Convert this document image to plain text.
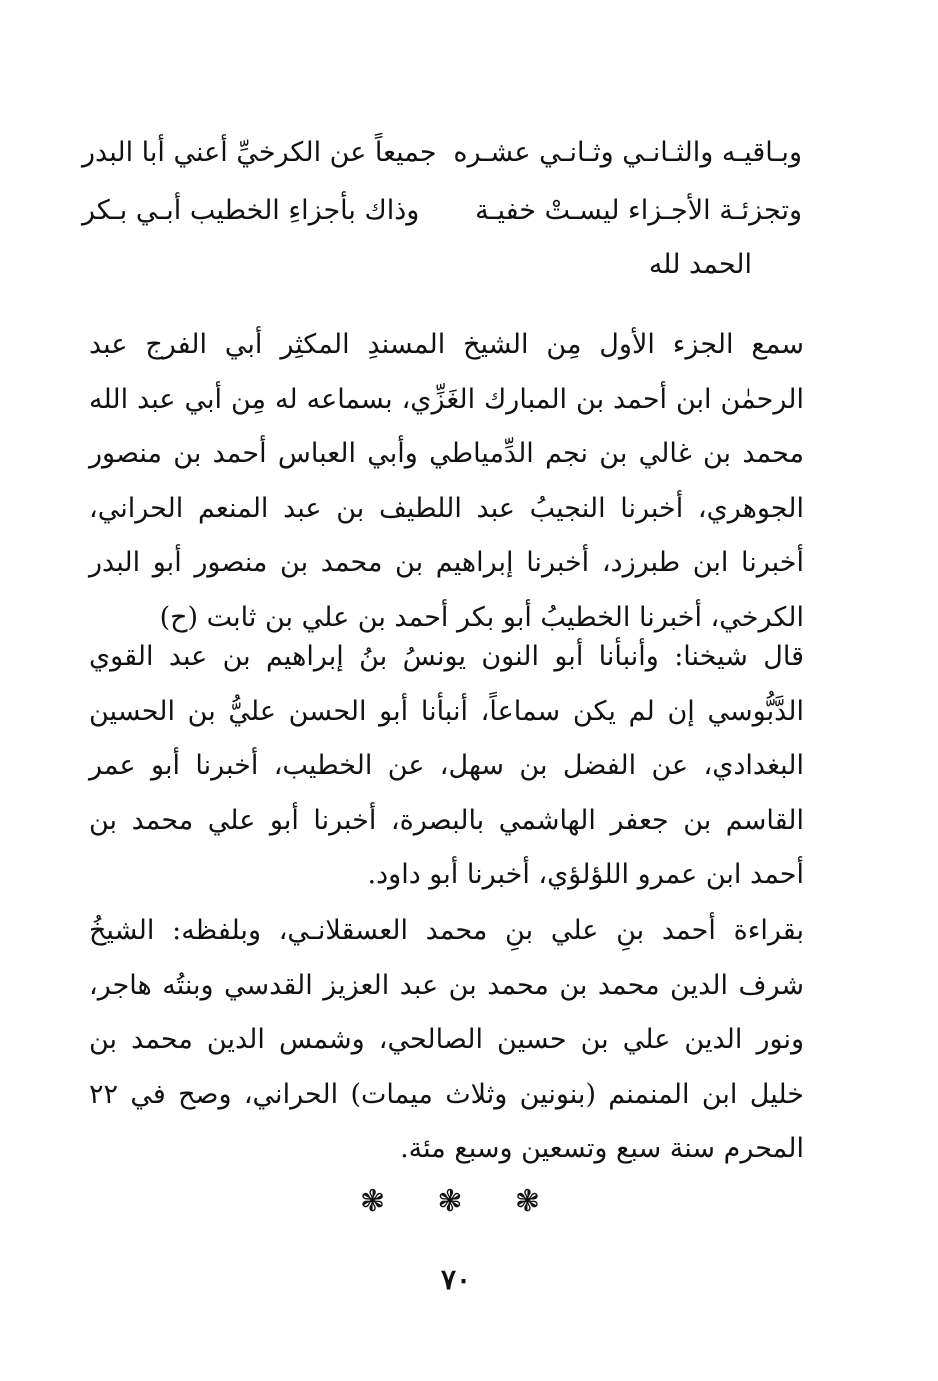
وبـاقيـه والثـانـي وثـانـي عشـره
جميعاً عن الكرخيِّ أعني أبا البدر
وتجزئـة الأجـزاء ليسـتْ خفيـة
وذاك بأجزاءِ الخطيب أبـي بـكر
الحمد لله

سمع الجزء الأول مِن الشيخ المسندِ المكثِر أبي الفرج عبد الرحمٰن ابن أحمد بن المبارك الغَزِّي، بسماعه له مِن أبي عبد الله محمد بن غالي بن نجم الدِّمياطي وأبي العباس أحمد بن منصور الجوهري، أخبرنا النجيبُ عبد اللطيف بن عبد المنعم الحراني، أخبرنا ابن طبرزد، أخبرنا إبراهيم بن محمد بن منصور أبو البدر الكرخي، أخبرنا الخطيبُ أبو بكر أحمد بن علي بن ثابت (ح)

قال شيخنا: وأنبأنا أبو النون يونسُ بنُ إبراهيم بن عبد القوي الدَّبُّوسي إن لم يكن سماعاً، أنبأنا أبو الحسن عليُّ بن الحسين البغدادي، عن الفضل بن سهل، عن الخطيب، أخبرنا أبو عمر القاسم بن جعفر الهاشمي بالبصرة، أخبرنا أبو علي محمد بن أحمد ابن عمرو اللؤلؤي، أخبرنا أبو داود.

بقراءة أحمد بنِ علي بنِ محمد العسقلانـي، وبلفظه: الشيخُ شرف الدين محمد بن محمد بن عبد العزيز القدسي وبنتُه هاجر، ونور الدين علي بن حسين الصالحي، وشمس الدين محمد بن خليل ابن المنمنم (بنونين وثلاث ميمات) الحراني، وصح في ٢٢ المحرم سنة سبع وتسعين وسبع مئة.

❃ ❃ ❃
٧٠
